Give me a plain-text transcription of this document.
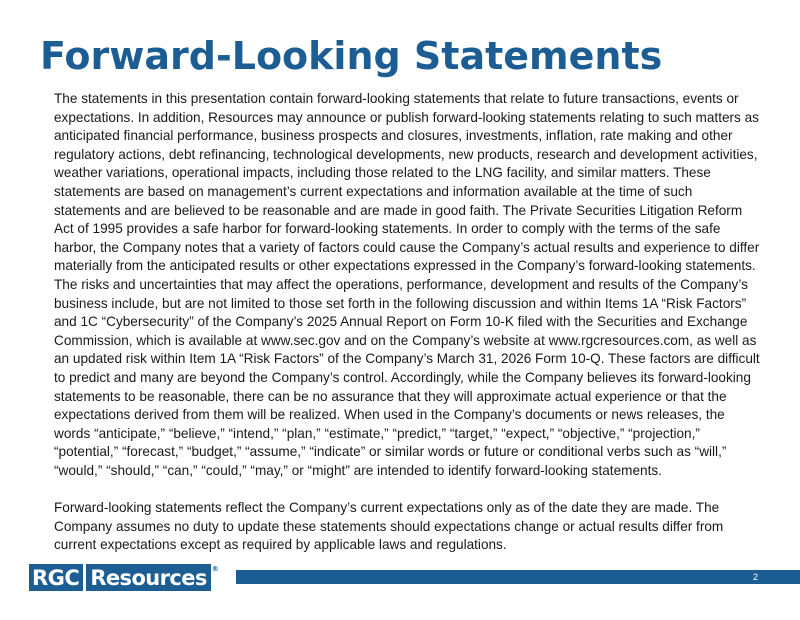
Forward-Looking Statements

The statements in this presentation contain forward-looking statements that relate to future transactions, events or expectations. In addition, Resources may announce or publish forward-looking statements relating to such matters as anticipated financial performance, business prospects and closures, investments, inflation, rate making and other regulatory actions, debt refinancing, technological developments, new products, research and development activities, weather variations, operational impacts, including those related to the LNG facility, and similar matters. These statements are based on management’s current expectations and information available at the time of such statements and are believed to be reasonable and are made in good faith. The Private Securities Litigation Reform Act of 1995 provides a safe harbor for forward-looking statements. In order to comply with the terms of the safe harbor, the Company notes that a variety of factors could cause the Company’s actual results and experience to differ materially from the anticipated results or other expectations expressed in the Company’s forward-looking statements. The risks and uncertainties that may affect the operations, performance, development and results of the Company’s business include, but are not limited to those set forth in the following discussion and within Items 1A “Risk Factors” and 1C “Cybersecurity” of the Company’s 2025 Annual Report on Form 10-K filed with the Securities and Exchange Commission, which is available at www.sec.gov and on the Company’s website at www.rgcresources.com, as well as an updated risk within Item 1A “Risk Factors” of the Company’s March 31, 2026 Form 10-Q. These factors are difficult to predict and many are beyond the Company’s control. Accordingly, while the Company believes its forward-looking statements to be reasonable, there can be no assurance that they will approximate actual experience or that the expectations derived from them will be realized. When used in the Company’s documents or news releases, the words “anticipate,” “believe,” “intend,” “plan,” “estimate,” “predict,” “target,” “expect,” “objective,” “projection,” “potential,” “forecast,” “budget,” “assume,” “indicate” or similar words or future or conditional verbs such as “will,” “would,” “should,” “can,” “could,” “may,” or “might” are intended to identify forward-looking statements.

Forward-looking statements reflect the Company’s current expectations only as of the date they are made. The Company assumes no duty to update these statements should expectations change or actual results differ from current expectations except as required by applicable laws and regulations.

RGC Resources ®
2
